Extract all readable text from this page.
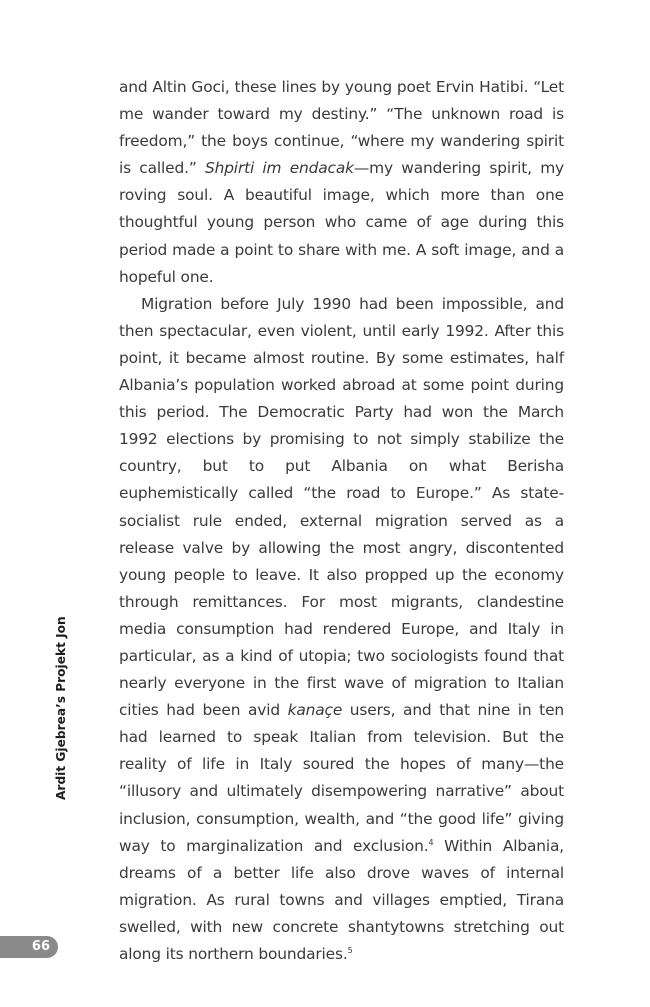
and Altin Goci, these lines by young poet Ervin Hatibi. “Let me wander toward my destiny.” “The unknown road is freedom,” the boys continue, “where my wandering spirit is called.” Shpirti im endacak—my wandering spirit, my roving soul. A beautiful image, which more than one thoughtful young person who came of age during this period made a point to share with me. A soft image, and a hopeful one.

Migration before July 1990 had been impossible, and then spectacular, even violent, until early 1992. After this point, it became almost routine. By some estimates, half Albania’s population worked abroad at some point during this period. The Democratic Party had won the March 1992 elections by promising to not simply stabilize the country, but to put Albania on what Berisha euphemistically called “the road to Europe.” As state-socialist rule ended, external migration served as a release valve by allowing the most angry, discontented young people to leave. It also propped up the economy through remittances. For most migrants, clandestine media consumption had rendered Europe, and Italy in particular, as a kind of utopia; two sociologists found that nearly everyone in the first wave of migration to Italian cities had been avid kanaçe users, and that nine in ten had learned to speak Italian from television. But the reality of life in Italy soured the hopes of many—the “illusory and ultimately disempowering narrative” about inclusion, consumption, wealth, and “the good life” giving way to marginalization and exclusion.$^4$ Within Albania, dreams of a better life also drove waves of internal migration. As rural towns and villages emptied, Tirana swelled, with new concrete shantytowns stretching out along its northern boundaries.$^5$

Ardit Gjebrea’s Projekt Jon
66
